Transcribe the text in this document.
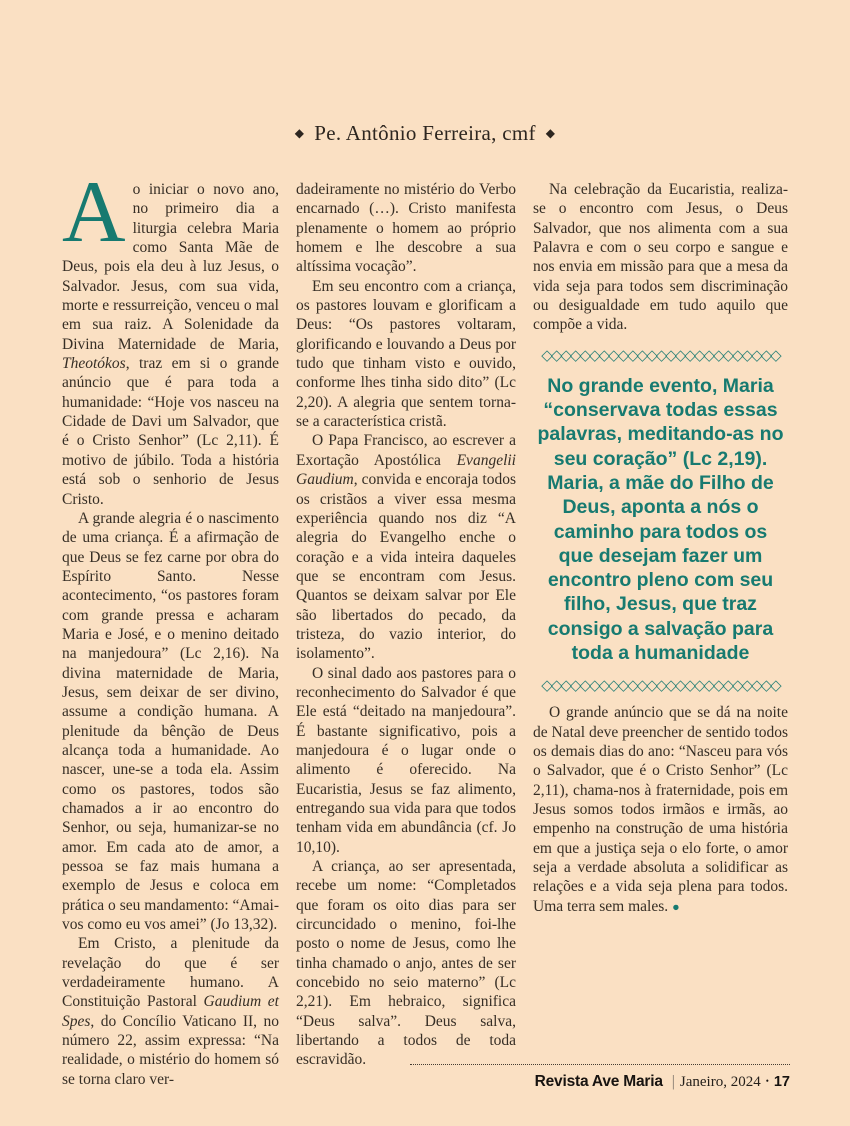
◆ Pe. Antônio Ferreira, cmf ◆

Ao iniciar o novo ano, no primeiro dia a liturgia celebra Maria como Santa Mãe de Deus, pois ela deu à luz Jesus, o Salvador. Jesus, com sua vida, morte e ressurreição, venceu o mal em sua raiz. A Solenidade da Divina Maternidade de Maria, Theotókos, traz em si o grande anúncio que é para toda a humanidade: “Hoje vos nasceu na Cidade de Davi um Salvador, que é o Cristo Senhor” (Lc 2,11). É motivo de júbilo. Toda a história está sob o senhorio de Jesus Cristo.

A grande alegria é o nascimento de uma criança. É a afirmação de que Deus se fez carne por obra do Espírito Santo. Nesse acontecimento, “os pastores foram com grande pressa e acharam Maria e José, e o menino deitado na manjedoura” (Lc 2,16). Na divina maternidade de Maria, Jesus, sem deixar de ser divino, assume a condição humana. A plenitude da bênção de Deus alcança toda a humanidade. Ao nascer, une-se a toda ela. Assim como os pastores, todos são chamados a ir ao encontro do Senhor, ou seja, humanizar-se no amor. Em cada ato de amor, a pessoa se faz mais humana a exemplo de Jesus e coloca em prática o seu mandamento: “Amai-vos como eu vos amei” (Jo 13,32).

Em Cristo, a plenitude da revelação do que é ser verdadeiramente humano. A Constituição Pastoral Gaudium et Spes, do Concílio Vaticano II, no número 22, assim expressa: “Na realidade, o mistério do homem só se torna claro ver-

dadeiramente no mistério do Verbo encarnado (…). Cristo manifesta plenamente o homem ao próprio homem e lhe descobre a sua altíssima vocação”.

Em seu encontro com a criança, os pastores louvam e glorificam a Deus: “Os pastores voltaram, glorificando e louvando a Deus por tudo que tinham visto e ouvido, conforme lhes tinha sido dito” (Lc 2,20). A alegria que sentem torna-se a característica cristã.

O Papa Francisco, ao escrever a Exortação Apostólica Evangelii Gaudium, convida e encoraja todos os cristãos a viver essa mesma experiência quando nos diz “A alegria do Evangelho enche o coração e a vida inteira daqueles que se encontram com Jesus. Quantos se deixam salvar por Ele são libertados do pecado, da tristeza, do vazio interior, do isolamento”.

O sinal dado aos pastores para o reconhecimento do Salvador é que Ele está “deitado na manjedoura”. É bastante significativo, pois a manjedoura é o lugar onde o alimento é oferecido. Na Eucaristia, Jesus se faz alimento, entregando sua vida para que todos tenham vida em abundância (cf. Jo 10,10).

A criança, ao ser apresentada, recebe um nome: “Completados que foram os oito dias para ser circuncidado o menino, foi-lhe posto o nome de Jesus, como lhe tinha chamado o anjo, antes de ser concebido no seio materno” (Lc 2,21). Em hebraico, significa “Deus salva”. Deus salva, libertando a todos de toda escravidão.

Na celebração da Eucaristia, realiza-se o encontro com Jesus, o Deus Salvador, que nos alimenta com a sua Palavra e com o seu corpo e sangue e nos envia em missão para que a mesa da vida seja para todos sem discriminação ou desigualdade em tudo aquilo que compõe a vida.

◇◇◇◇◇◇◇◇◇◇◇◇◇◇◇◇◇◇◇◇◇◇◇◇◇
No grande evento, Maria “conservava todas essas palavras, meditando-as no seu coração” (Lc 2,19). Maria, a mãe do Filho de Deus, aponta a nós o caminho para todos os que desejam fazer um encontro pleno com seu filho, Jesus, que traz consigo a salvação para toda a humanidade
◇◇◇◇◇◇◇◇◇◇◇◇◇◇◇◇◇◇◇◇◇◇◇◇◇

O grande anúncio que se dá na noite de Natal deve preencher de sentido todos os demais dias do ano: “Nasceu para vós o Salvador, que é o Cristo Senhor” (Lc 2,11), chama-nos à fraternidade, pois em Jesus somos todos irmãos e irmãs, ao empenho na construção de uma história em que a justiça seja o elo forte, o amor seja a verdade absoluta a solidificar as relações e a vida seja plena para todos. Uma terra sem males. ●

Revista Ave Maria | Janeiro, 2024 • 17
